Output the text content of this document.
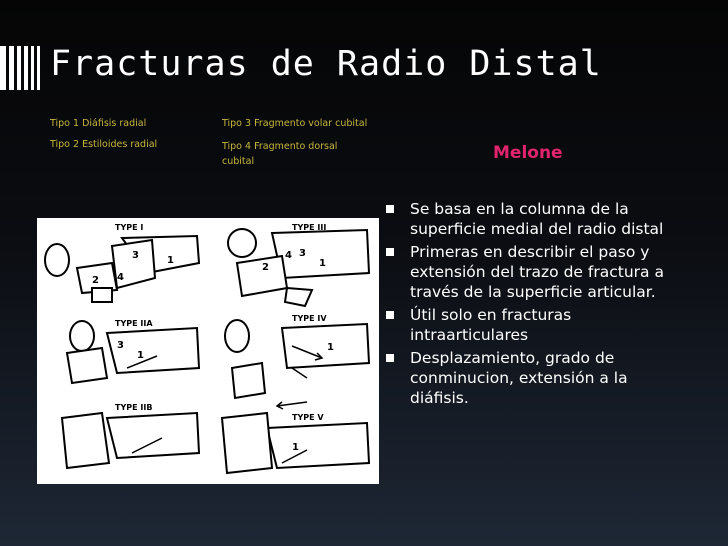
Fracturas de Radio Distal
Tipo 1 Diáfisis radial
Tipo 2 Estiloides radial
Tipo 3 Fragmento volar cubital
Tipo 4 Fragmento dorsal cubital	Melone
Se basa en la columna de la superficie medial del radio distal
Primeras en describir el paso y extensión del trazo de fractura a través de la superficie articular.
Útil solo en fracturas intraarticulares
Desplazamiento, grado de conminucion, extensión a la diáfisis.
TYPE I
TYPE IIA
TYPE IIB
TYPE III
TYPE IV
TYPE V
3	1
2 4
3
1
3
1
2
4
1
1
